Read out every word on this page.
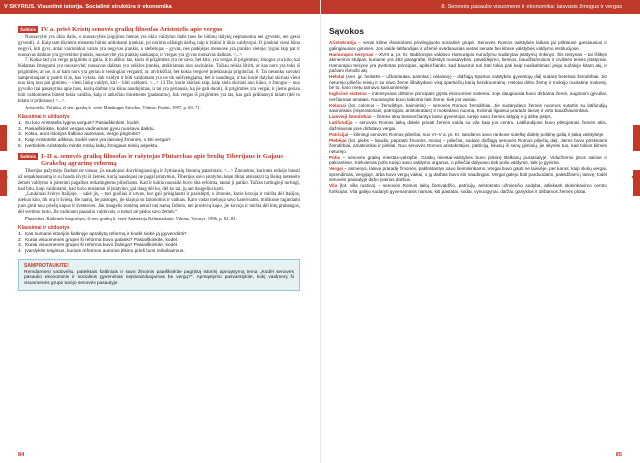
V SKYRIUS. Visuotinė istorija. Socialinė struktūra ir ekonomika
V
IV
Šaltinis IV a. prieš Kristų senovės graikų filosofas Aristotelis apie vergus

Nuosavybė yra ūkio dalis, o nuosavybės įsigijimo menas yra ūkio valdymo dalis (nes be būtinų dalykų neįmanoma nei gyventi, nei gerai gyventi). 4. Kaip tam tikriems menams būtini atitinkami įrankiai, jei norima užbaigti darbą, taip ir būtini ir ūkio valdytojui. O įrankiai vieni būna negyvi, kiti gyvi, antai vairininkui vairas yra negyvas įrankis, o stebėtojas – gyvas, nes padėjėjas menuose yra įrankio vietoje; lygiai taip pat ir nuosavas daiktas yra gyvenimo įrankis, nuosavybė yra įrankių sankaupa, ir vergas yra gyvas nuosavas daiktas. <...>

7. Kokia tad yra vergo prigimtis ir galia, iš to aišku: tas, kuris iš prigimties yra ne savo, bet kito, yra vergas iš prigimties; žmogus yra kito, kai būdamas žmogumi yra nuosavybė; nuosavas daiktas yra veiklos įrankis, atskiriamas nuo savininko. Tačiau reikia ištirti, ar kas nors yra toks iš prigimties, ar ne, ir ar kam nors yra geriau ir teisingiau vergauti, ar, atvirkščiai, bet kokia vergovė prieštarauja prigimčiai. 8. Tai nesunku suvokti samprotaujant ir patirti iš to, kas vyksta. Juk valdyti ir būti valdomam yra ne tik neišvengiama, bet ir naudinga, ir kai kurie dalykai skiriasi vieni nuo kitų nuo pat gimimo – vieni linkę valdyti, kiti – būti valdomi. <...> 13 Tie, kurie skiriasi taip, kaip siela skiriasi nuo kūno, o žmogus – nuo gyvulio (tai pasakytina apie tuos, kurių darbas yra kūno naudojimas, ir tai yra geriausia, ką jie gali duoti), iš prigimties yra vergai, ir jiems geriau būti valdomiems būtent tokia valdžia, kaip ir anksčiau minėtiems [padarams]. Juk vergas iš prigimties yra tas, kas gali priklausyti kitam (dėl to kitam ir priklauso) <...>.

Aristotelis. Politika, iš sen. graikų k. vertė Mindaugas Strockis, Vilnius: Pradai, 1997, p. 69–71.
Klausimai ir užduotys
1. Su kuo Aristotelis lygina vergus? Pasiaiškinkite, kodėl.
2. Pasiaiškinkite, kodėl vergas vadinamas gyvu nuosavu daiktu.
3. Kokia, anot istorijos šaltinio autoriaus, vergo prigimtis?
4. Kaip Aristotelis aiškina, kodėl vieni yra laisvieji žmonės, o kiti vergai?
5. Įvertinkite Aristotelio mintis mūsų laikų žmogaus teisių aspektu.
Šaltinis I–II a. senovės graikų filosofas ir rašytojas Plutarchas apie brolių Tiberijaus ir Gajaus Grakchų agrarinę reformą

Tiberijus pažymėjo žiadant ne vienas, jis naudojosi dorybingiausiųjų ir žymiausių žmonių patarimais. <...> Žmonėms, kurioms reikėjo bausti už nepaklusnumą ir su bauda išvyti iš žemės, kurią naudojasi ne pagal įstatymus, Tiberijus savo įstatymu kėpė tiktai atsisakyti tą šleiną neteisėto žemės valdymo ir įsiterinti pagalbos reikalingiems piliečiams. Kad ir kokia nuosaiki buvo šita reforma, tautai ji patiko. Tačiau turtingieji turtingi, kad bitu, kaip vaidiniami, kad buvo teisiamai iš įstatymo, gal daug dėl ko, dėl ko tai, jų ant daugeliui karti.

„Laukiniai žvėrys Italijoje, – sakė jis, – turi guolius ir urvus, kur gali prisiglausti ir pasislėpti, o žmonės, kurie kovoja ir miršta dėl Italijos, niekuo kito, tik orą ir šviesą. Be namų, be pastogės, jie klajoja su žmonomis ir vaikais. Karo vadai meluoja savo kareiviams, mūšiuose ragindami juos ginti nuo priešų kapus ir šventoves. Juk daugelis romėnų neturi nei namų židinio, nei protėvių kapo, jie kovoja ir miršta dėl kitų prabangos, dėl svetimo turto. Jie vadinami pasaulio valdovais, o neturi nė pėdos savo žemės.“

Plutarchas. Rinktinės biografijos, iš sen. graikų k. vertė Anastazija Kalinauskaitė, Vilnius: Vyturys, 1996, p. 82–83.
Klausimai ir užduotys
1. Kas sumanė istorijos šaltinyje aprašytą reformą ir kodėl siekė ją įgyvendinti?
2. Kuriai visuomenės grupei ši reforma buvo palanki? Pasiaiškinkite, kodėl.
3. Kuriai visuomenės grupei ši reforma buvo žalinga? Pasiaiškinkite, kodėl.
4. Įvardykite teiginius, kuriais reformos autorius įtikino prieš tuos reikalavimus.
SAMPROTAUKITE!
Remdamiesi vadovėliu, pateiktais šaltiniais ir savo žinomis paaiškinkite pagrįstą istorinį apmąstymą tema „Kodėl senovės pasaulio ekonominis ir socialinis gyvenimas neįsivaizduojamas be vergų?“. Apmąstymo pasvarstykite, kokį vaidmenį ši visuomenės grupė turėjo senovės pasaulyje.
84
8. Senovės pasaulio visuomenė ir ekonomika: laisvasis žmogus ir vergas
V
VI
Sąvokos
Aristokratija – senai kilme išsiskirianti privilegijuota socialinė grupė. Senovės Romos valstybės laikais jai priklausė garsiausios ir galingiausios giminės. Jos valdė latifundijas ir užėmė svarbiausias vietas senate bei kitose valstybės valdymo institucijose.
Hamurapio teisynas – XVIII a. pr. Kr. Babilonijos valdovo Hamurapio nurodymu sudarytas įstatymų rinkinys. Šis teisynas – tai išlikęs akmeninis stulpas, kuriame yra 282 paragrafai, išdėstyti nuosavybės, paveldėjimo, šeimos, baudžiamosios ir civilinės teisės įstatymai. Hamurapio teisyne yra įtvirtintas principas, apibrėžiantis, kad bausmė turi būti tokia pati kaip nusikaltimas: jeigu sužalojo kitam akį, ir pačiam išmušti akį.
Helotai (sen. gr. heilotēs – užkariautas, paimtas į nelaisvę) – didžiąją Spartos valstybės gyventojų dalį sudarę betelsiai žemdirbiai. Jie neturėjo piliečio teisių ir su savo žeme išlaikydavo visą spartiečių karių bendruomenę. Helotai dirbo žemę ir mokėjo nuolatinę mokestį, be to, karo metu tarnavo kariuomenėje.
Inglicinė sistema – intensyvaus dirbimo principais grįsta ekonominė sistema. Joje daugiausia buvo dirbama žemė, auginami gyvuliai, verčiamasi amatais. Nuosavybe buvo laikoma tiek žemė, tiek jos vaisiai.
Kolonai (lot. colonus – žemdirbys, kaimietis) – senovės Romos žemdirbiai. Jie sudarydavo žemės nuomos sutartis su latifundijų savininkais (imperatoriais, patricijais, aristokratais) ir mokėdavo nuomą. Kolonai ilgainiui prarado laisvę ir virto baudžiauninkais.
Laisvieji žemdirbiai – žemės ūkiu besiverčiantys laisvi gyventojai, turėję savo žemės sklypą ir jį dirbę patys.
Latifundija – senovės Romos laikų didelė privati žemės valda su vila kaip jos centru. Latifundijose buvo plėtojamas žemės ūkis, dažniausiai jose dirbdavo vergai.
Patricijai – kilmingi senovės Romos piliečiai, nuo VI–V a. pr. Kr. sandūros savo rankose sutelkę didelę politinę galią ir įtaką valstybėje.
Plebėjai (lot. plebs – liaudis, paprasti žmonės, minia) – piliečiai, sudarę didžiąją senovės Romos piliečių dalį. Jiems buvo priskiriami žemdirbiai, amatininkai ir pirkliai. Nuo senovės Romos aristokratijos, patricijų, kilusių iš senų giminių, jie skyrėsi tuo, kad tokios kilmės neturėjo.
Polis – senovės graikų miestas-valstybė. Graikų miestai-valstybės buvo įsikūrę Balkanų pusiasalyje, Viduržemio jūros salose ir pakrantėse. Kiekvienas polis turėjo savo valdymo organus, o piliečiai dalyvavo tiek polio valdyme, tiek jo gynime.
Vergai – asmenys, laisvę praradę žmonės, paklūstantys savo šeimininkams. Vergai buvo gauti ne laisvėje, per karus, kaip skolų vergai, sprendimas, vergijoje, arba buvo vergų vaikai, o jų darbas buvo itin naudingas. Vergai galėjo būti parduodami, paleidžiami į laisvę, todėl senovės pasaulyje dirbo įvairius darbus.
Vila (lot. villa rustica) – senovės Romos laikų žemvaldžio, patricijų, aristokrato užmiesčio sodyba, atliekanti ūkininkavimo centro funkcijas. Vila galėjo sudaryti gyvenamasis namas, kiti pastatai, sodai, vynuogynai, daržai, ganyklos ir dirbamos žemės plotai.
85
